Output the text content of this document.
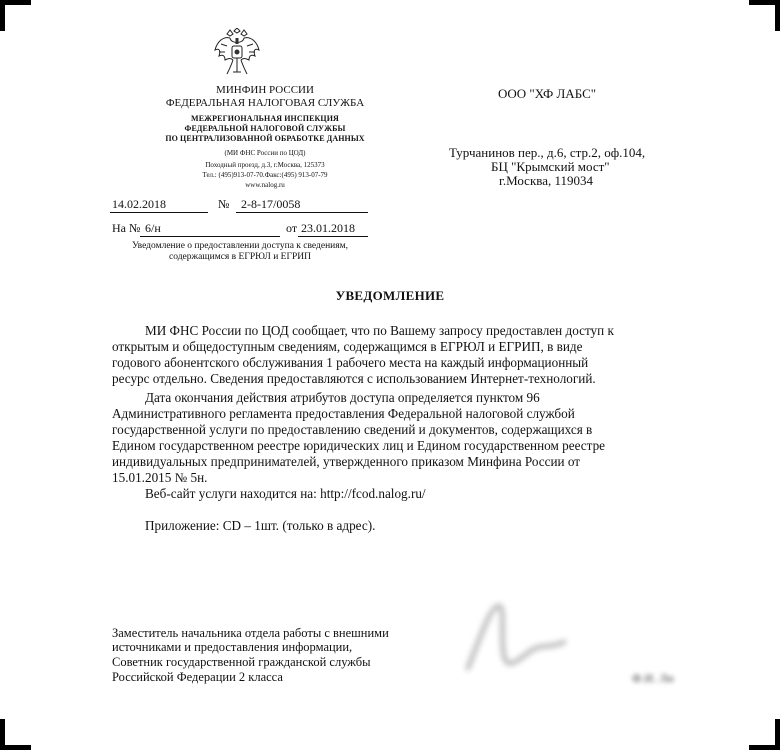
МИНФИН РОССИИ
ФЕДЕРАЛЬНАЯ НАЛОГОВАЯ СЛУЖБА
МЕЖРЕГИОНАЛЬНАЯ ИНСПЕКЦИЯ
ФЕДЕРАЛЬНОЙ НАЛОГОВОЙ СЛУЖБЫ
ПО ЦЕНТРАЛИЗОВАННОЙ ОБРАБОТКЕ ДАННЫХ
(МИ ФНС России по ЦОД)
Походный проезд, д.3, г.Москва, 125373
Тел.: (495)913-07-70.Факс:(495) 913-07-79
www.nalog.ru
ООО "ХФ ЛАБС"
Турчанинов пер., д.6, стр.2, оф.104,
БЦ "Крымский мост"
г.Москва, 119034
14.02.2018	№ 2-8-17/0058
На № 6/н	от 23.01.2018
Уведомление о предоставлении доступа к сведениям,
содержащимся в ЕГРЮЛ и ЕГРИП
УВЕДОМЛЕНИЕ
МИ ФНС России по ЦОД сообщает, что по Вашему запросу предоставлен доступ к
открытым и общедоступным сведениям, содержащимся в ЕГРЮЛ и ЕГРИП, в виде
годового абонентского обслуживания 1 рабочего места на каждый информационный
ресурс отдельно. Сведения предоставляются с использованием Интернет-технологий.
Дата окончания действия атрибутов доступа определяется пунктом 96
Административного регламента предоставления Федеральной налоговой службой
государственной услуги по предоставлению сведений и документов, содержащихся в
Едином государственном реестре юридических лиц и Едином государственном реестре
индивидуальных предпринимателей, утвержденного приказом Минфина России от
15.01.2015 № 5н.
Веб-сайт услуги находится на: http://fcod.nalog.ru/
Приложение: CD – 1шт. (только в адрес).
Заместитель начальника отдела работы с внешними
источниками и предоставления информации,
Советник государственной гражданской службы
Российской Федерации 2 класса	Ф.И. Ли
